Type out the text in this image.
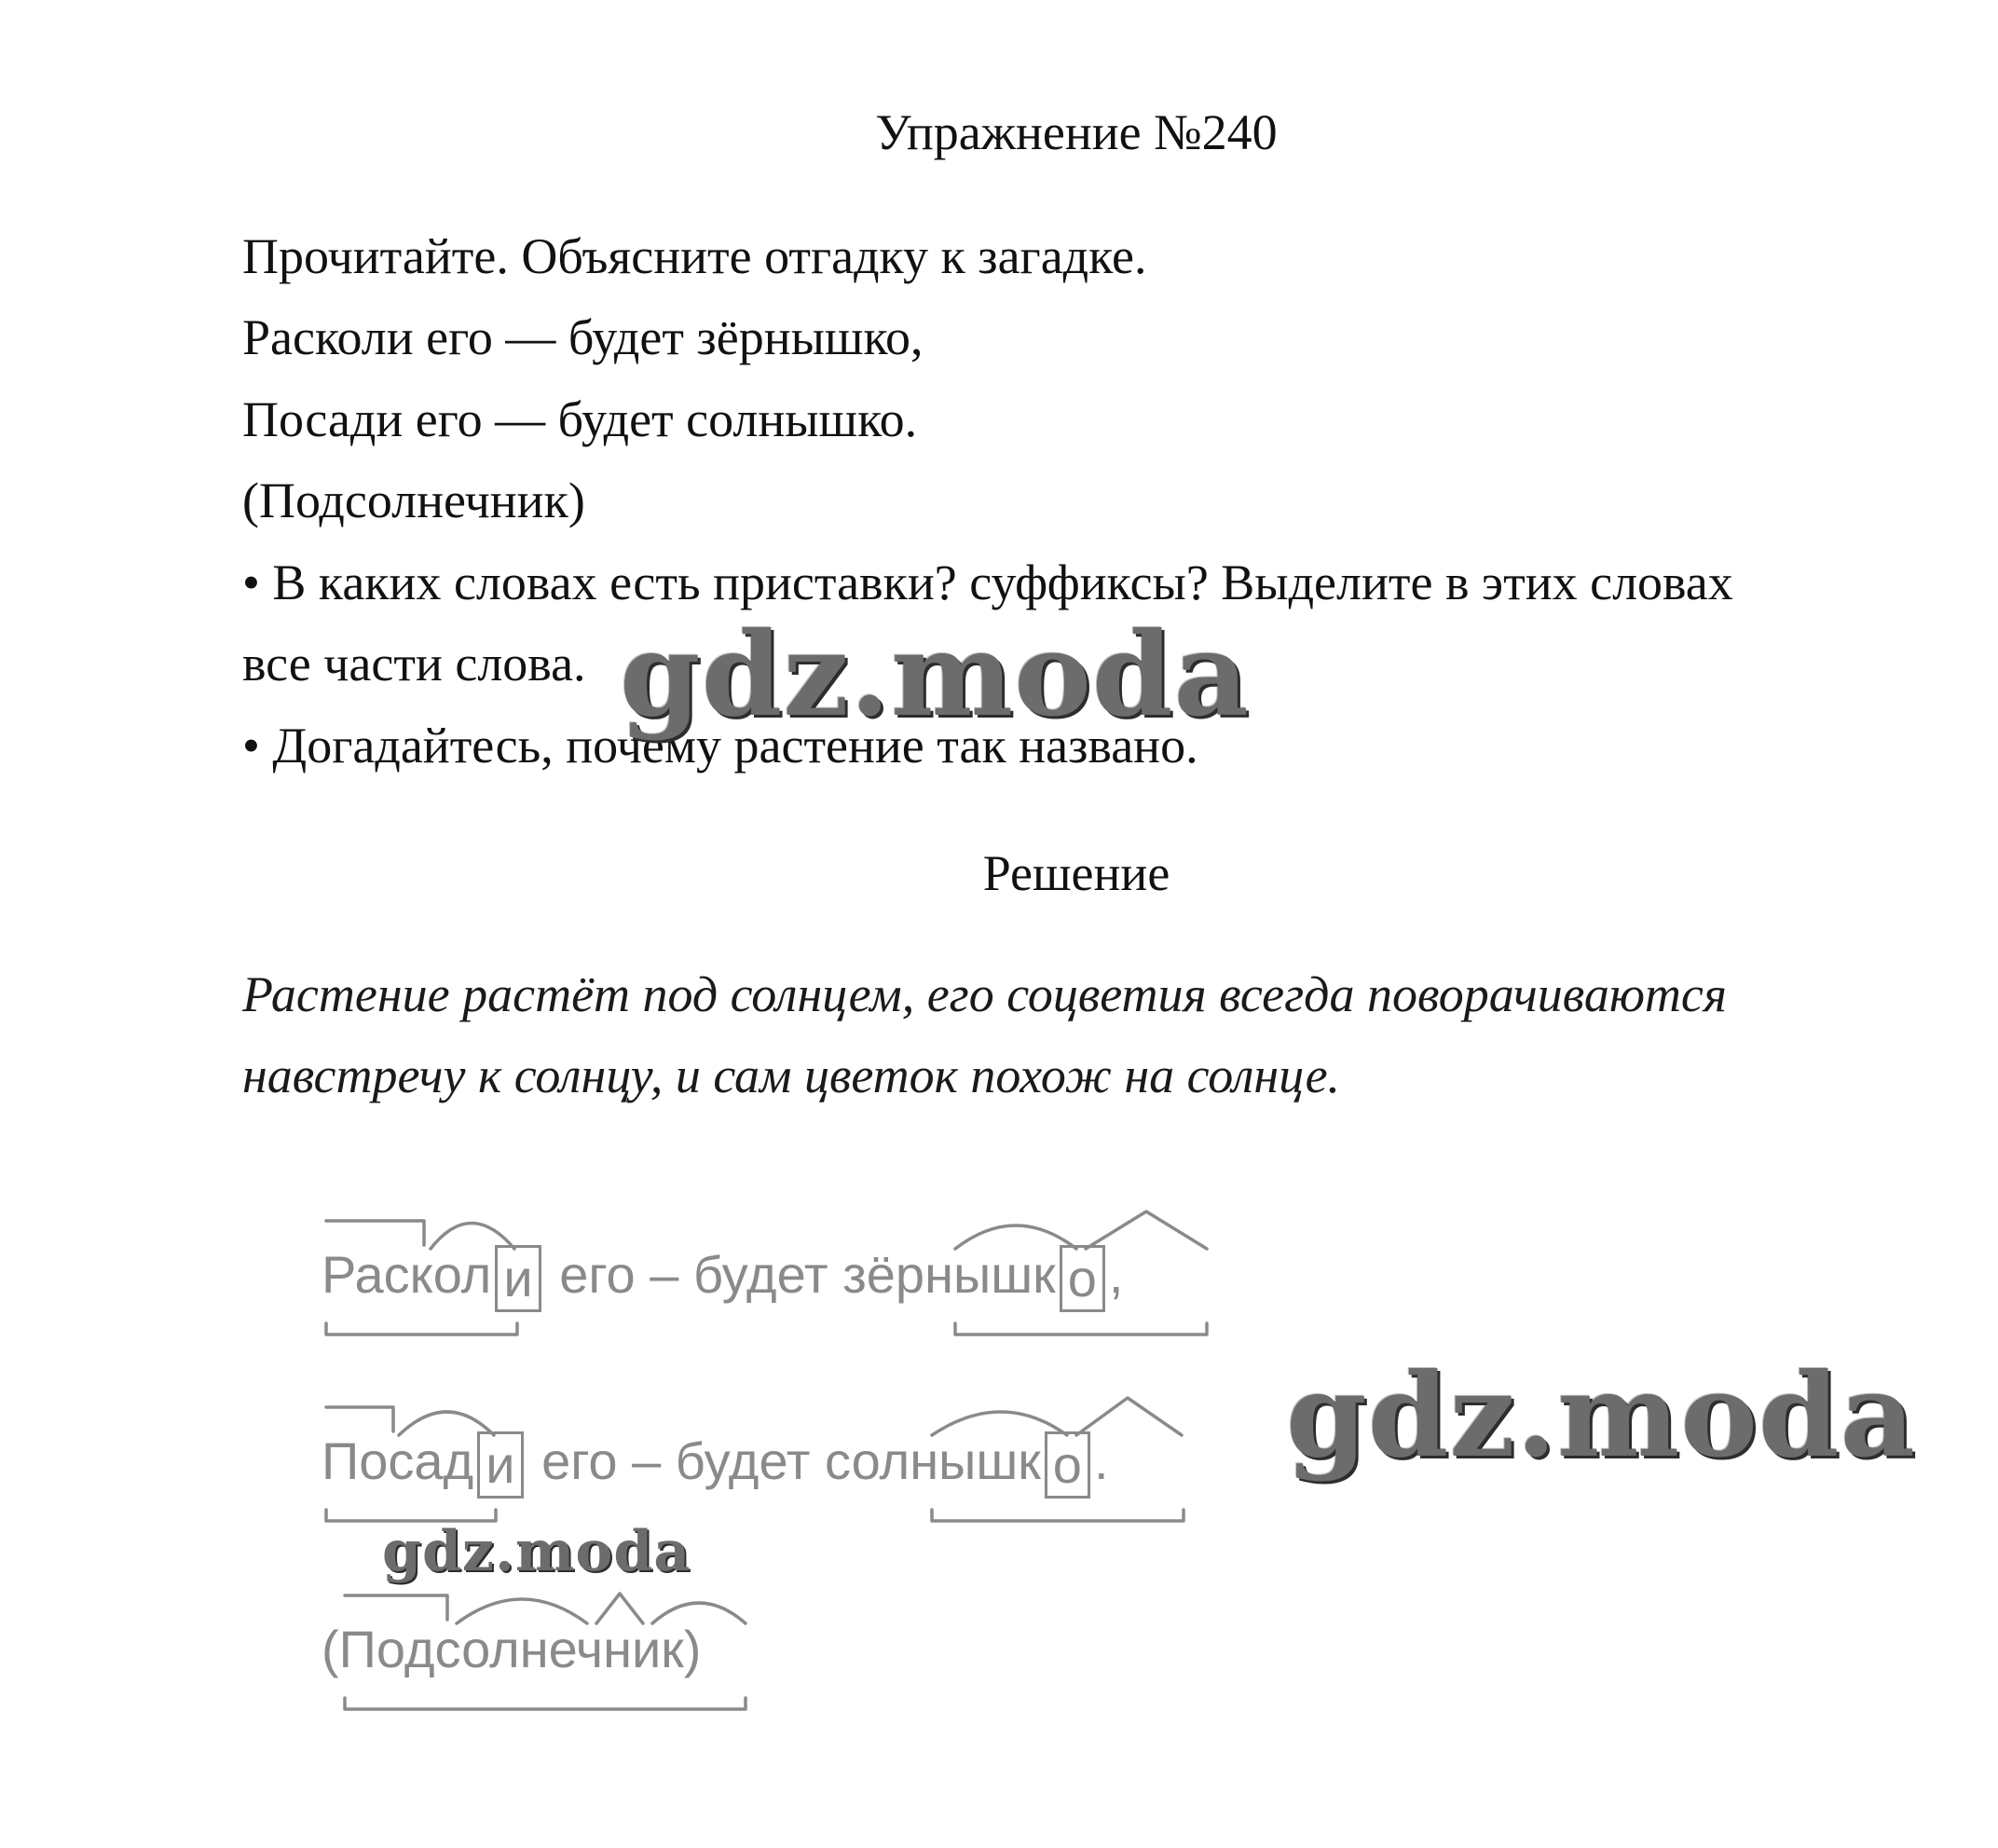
Упражнение №240
Прочитайте. Объясните отгадку к загадке.
Расколи его — будет зёрнышко,
Посади его — будет солнышко.
(Подсолнечник)
• В каких словах есть приставки? суффиксы? Выделите в этих словах
все части слова.
• Догадайтесь, почему растение так названо.
Решение
Растение растёт под солнцем, его соцветия всегда поворачиваются
навстречу к солнцу, и сам цветок похож на солнце.
Раскол и его – будет зёрнышк о ,
Посад и его – будет солнышк о .
(Подсолнечник)
gdz.moda
gdz.moda
gdz.moda
